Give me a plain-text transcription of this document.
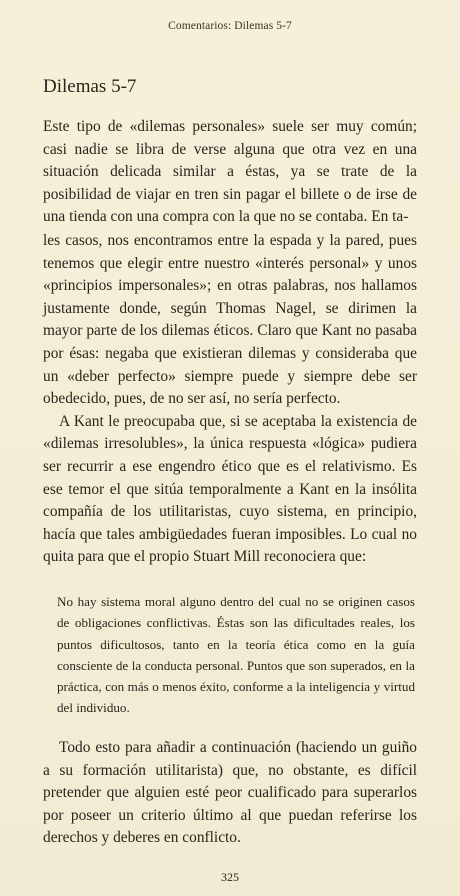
Comentarios: Dilemas 5-7
Dilemas 5-7

Este tipo de «dilemas personales» suele ser muy común; casi nadie se libra de verse alguna que otra vez en una situación delicada similar a éstas, ya se trate de la posibilidad de viajar en tren sin pagar el billete o de irse de una tienda con una compra con la que no se contaba. En ta-

les casos, nos encontramos entre la espada y la pared, pues tenemos que elegir entre nuestro «interés personal» y unos «principios impersonales»; en otras palabras, nos hallamos justamente donde, según Thomas Nagel, se dirimen la mayor parte de los dilemas éticos. Claro que Kant no pasaba por ésas: negaba que existieran dilemas y consideraba que un «deber perfecto» siempre puede y siempre debe ser obedecido, pues, de no ser así, no sería perfecto.

A Kant le preocupaba que, si se aceptaba la existencia de «dilemas irresolubles», la única respuesta «lógica» pudiera ser recurrir a ese engendro ético que es el relativismo. Es ese temor el que sitúa temporalmente a Kant en la insólita compañía de los utilitaristas, cuyo sistema, en principio, hacía que tales ambigüedades fueran imposibles. Lo cual no quita para que el propio Stuart Mill reconociera que:

No hay sistema moral alguno dentro del cual no se originen casos de obligaciones conflictivas. Éstas son las dificultades reales, los puntos dificultosos, tanto en la teoría ética como en la guía consciente de la conducta personal. Puntos que son superados, en la práctica, con más o menos éxito, conforme a la inteligencia y virtud del individuo.

Todo esto para añadir a continuación (haciendo un guiño a su formación utilitarista) que, no obstante, es difícil pretender que alguien esté peor cualificado para superarlos por poseer un criterio último al que puedan referirse los derechos y deberes en conflicto.

325
